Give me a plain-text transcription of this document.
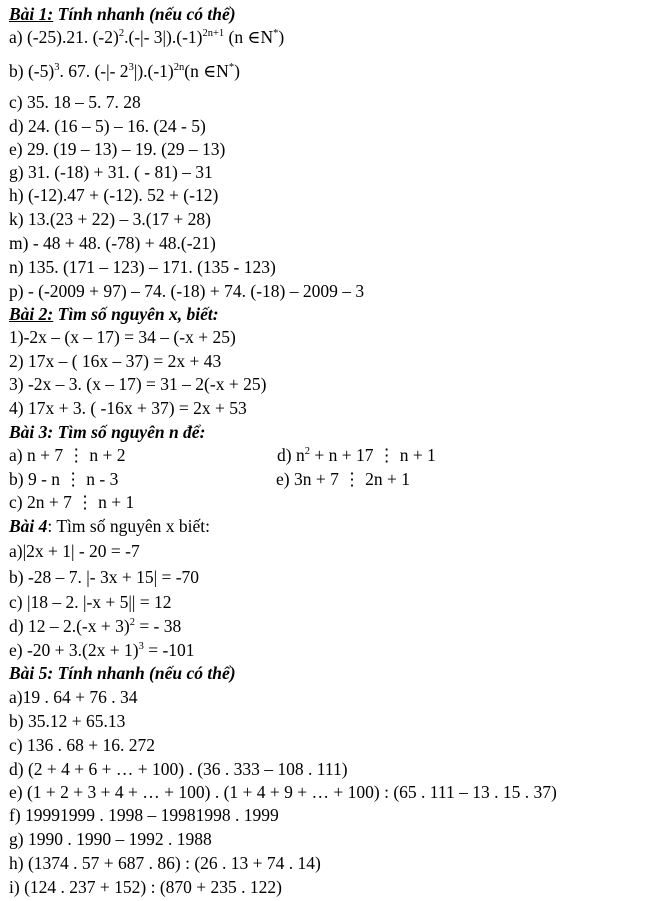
Bài 1: Tính nhanh (nếu có thể)
a) (-25).21. $(-2)^2.(-|-$ $3|).(-1)^{2n+1}$ (n ∈N*)
b) $(-5)^3$. 67. (-|- $2^3|).(-1)^{2n}(n$ ∈N*)
c) 35. 18 – 5. 7. 28
d) 24. (16 – 5) – 16. (24 - 5)
e) 29. (19 – 13) – 19. (29 – 13)
g) 31. (-18) + 31. ( - 81) – 31
h) (-12).47 + (-12). 52 + (-12)
k) 13.(23 + 22) – 3.(17 + 28)
m) - 48 + 48. (-78) + 48.(-21)
n) 135. (171 – 123) – 171. (135 - 123)
p) - (-2009 + 97) – 74. (-18) + 74. (-18) – 2009 – 3
Bài 2: Tìm số nguyên x, biết:
1)-2x – (x – 17) = 34 – (-x + 25)
2) 17x – ( 16x – 37) = 2x + 43
3) -2x – 3. (x – 17) = 31 – 2(-x + 25)
4) 17x + 3. ( -16x + 37) = 2x + 53
Bài 3: Tìm số nguyên n để:
a) n + 7 ⋮ n + 2
b) 9 - n ⋮ n - 3
c) 2n + 7 ⋮ n + 1
d) $n^2 + n + 17$ ⋮ n + 1
e) 3n + 7 ⋮ 2n + 1
Bài 4: Tìm số nguyên x biết:
a)|2x + 1| - 20 = -7
b) -28 – 7. |- 3x + 15| = -70
c) |18 – 2. |-x + 5|| = 12
d) $12 - 2.(-x + 3)^2$ = - 38
e) $-20 + 3.(2x + 1)^3 = -101$
Bài 5: Tính nhanh (nếu có thể)
a)19 . 64 + 76 . 34
b) 35.12 + 65.13
c) 136 . 68 + 16. 272
d) (2 + 4 + 6 + … + 100) . (36 . 333 – 108 . 111)
e) (1 + 2 + 3 + 4 + … + 100) . (1 + 4 + 9 + … + 100) : (65 . 111 – 13 . 15 . 37)
f) 19991999 . 1998 – 19981998 . 1999
g) 1990 . 1990 – 1992 . 1988
h) (1374 . 57 + 687 . 86) : (26 . 13 + 74 . 14)
i) (124 . 237 + 152) : (870 + 235 . 122)
